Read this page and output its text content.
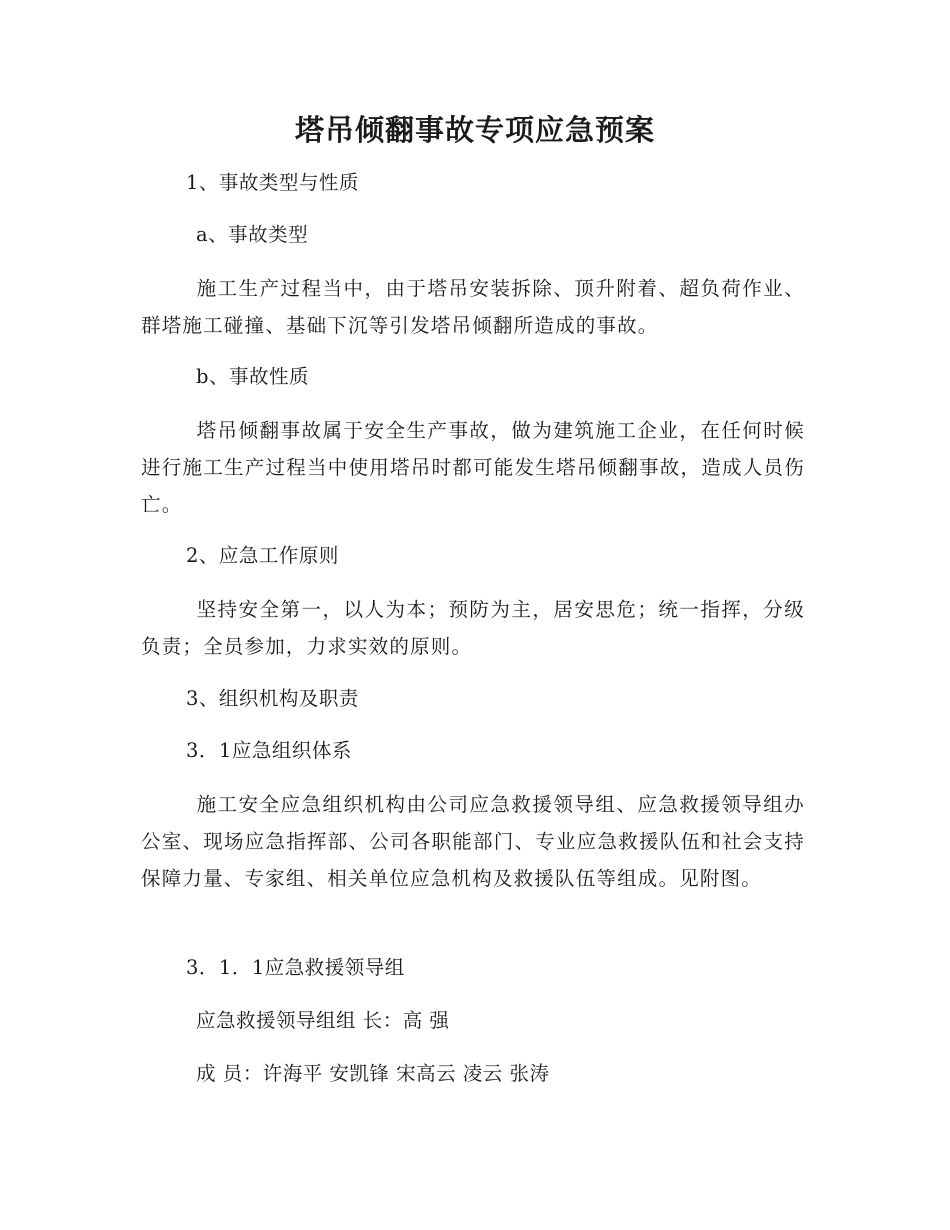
塔吊倾翻事故专项应急预案
1、事故类型与性质
a、事故类型
施工生产过程当中，由于塔吊安装拆除、顶升附着、超负荷作业、群塔施工碰撞、基础下沉等引发塔吊倾翻所造成的事故。
b、事故性质
塔吊倾翻事故属于安全生产事故，做为建筑施工企业，在任何时候进行施工生产过程当中使用塔吊时都可能发生塔吊倾翻事故，造成人员伤亡。
2、应急工作原则
坚持安全第一，以人为本；预防为主，居安思危；统一指挥，分级负责；全员参加，力求实效的原则。
3、组织机构及职责
3．1应急组织体系
施工安全应急组织机构由公司应急救援领导组、应急救援领导组办公室、现场应急指挥部、公司各职能部门、专业应急救援队伍和社会支持保障力量、专家组、相关单位应急机构及救援队伍等组成。见附图。
3．1．1应急救援领导组
应急救援领导组组 长：高 强
成 员：许海平 安凯锋 宋高云 凌云 张涛
